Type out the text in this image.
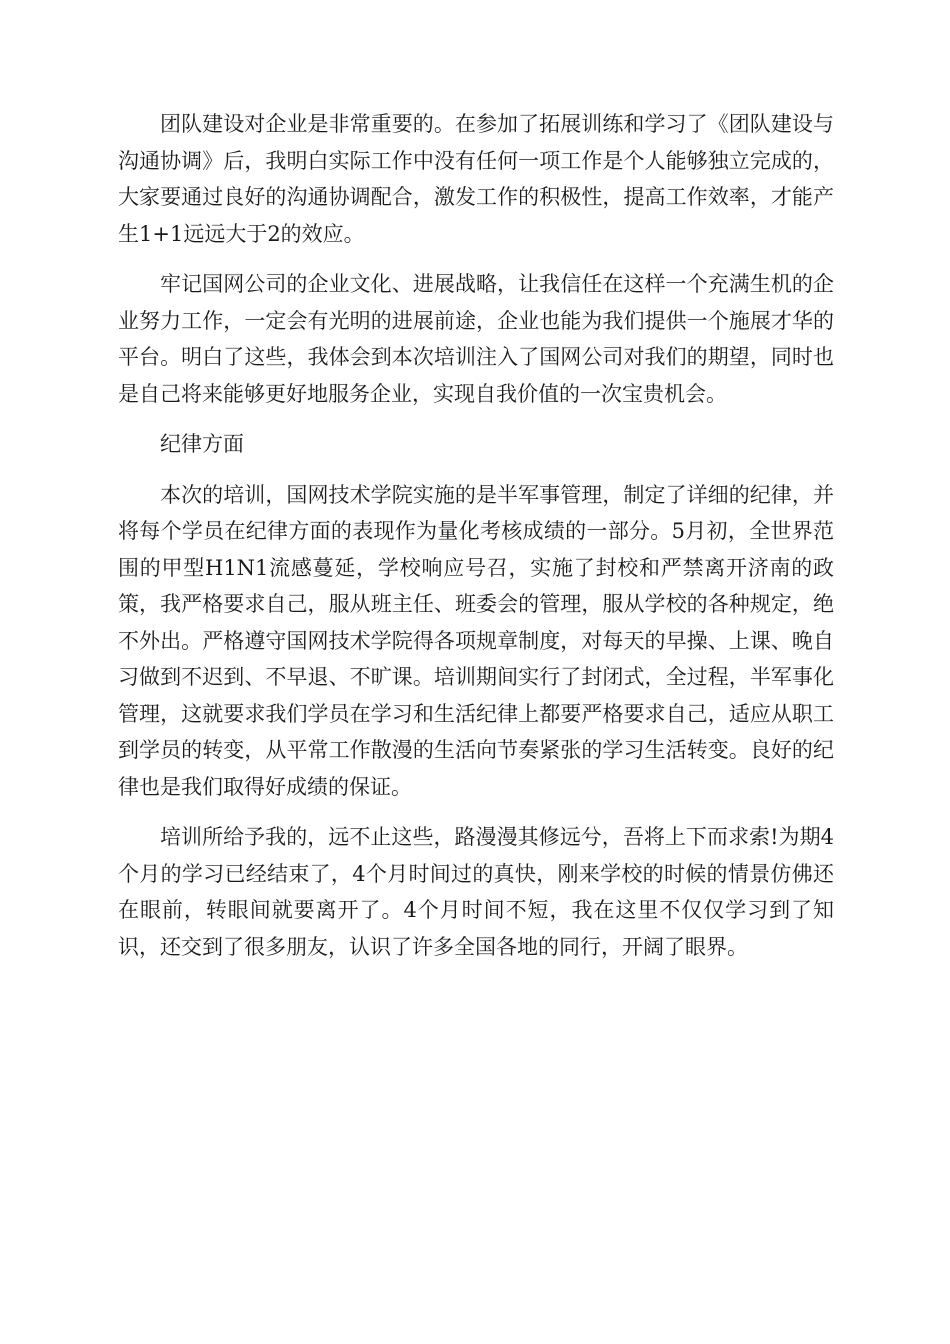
团队建设对企业是非常重要的。在参加了拓展训练和学习了《团队建设与沟通协调》后，我明白实际工作中没有任何一项工作是个人能够独立完成的，大家要通过良好的沟通协调配合，激发工作的积极性，提高工作效率，才能产生1+1远远大于2的效应。

牢记国网公司的企业文化、进展战略，让我信任在这样一个充满生机的企业努力工作，一定会有光明的进展前途，企业也能为我们提供一个施展才华的平台。明白了这些，我体会到本次培训注入了国网公司对我们的期望，同时也是自己将来能够更好地服务企业，实现自我价值的一次宝贵机会。

纪律方面

本次的培训，国网技术学院实施的是半军事管理，制定了详细的纪律，并将每个学员在纪律方面的表现作为量化考核成绩的一部分。5月初，全世界范围的甲型H1N1流感蔓延，学校响应号召，实施了封校和严禁离开济南的政策，我严格要求自己，服从班主任、班委会的管理，服从学校的各种规定，绝不外出。严格遵守国网技术学院得各项规章制度，对每天的早操、上课、晚自习做到不迟到、不早退、不旷课。培训期间实行了封闭式，全过程，半军事化管理，这就要求我们学员在学习和生活纪律上都要严格要求自己，适应从职工到学员的转变，从平常工作散漫的生活向节奏紧张的学习生活转变。良好的纪律也是我们取得好成绩的保证。

培训所给予我的，远不止这些，路漫漫其修远兮，吾将上下而求索!为期4个月的学习已经结束了，4个月时间过的真快，刚来学校的时候的情景仿佛还在眼前，转眼间就要离开了。4个月时间不短，我在这里不仅仅学习到了知识，还交到了很多朋友，认识了许多全国各地的同行，开阔了眼界。
